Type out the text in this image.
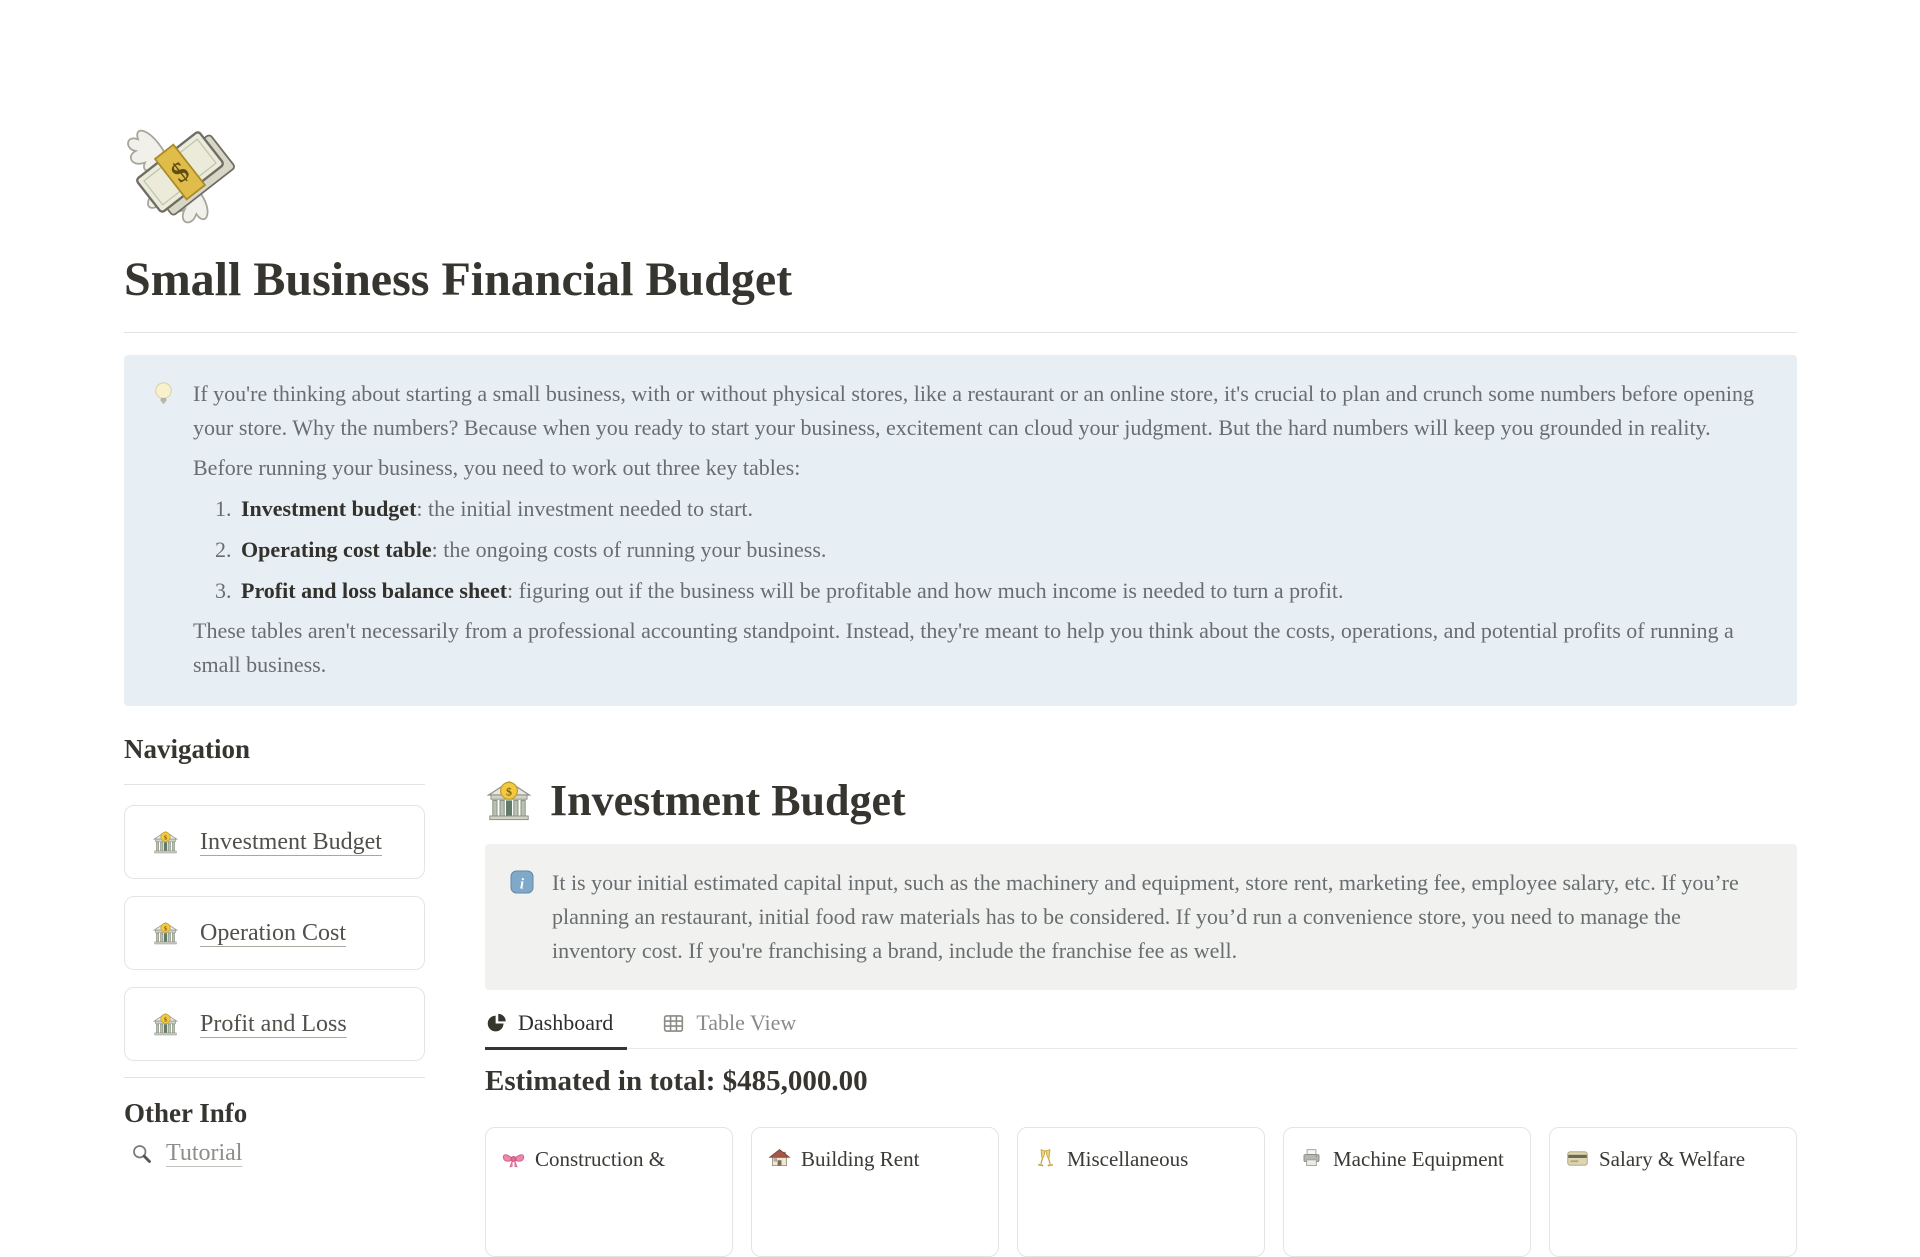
$
Small Business Financial Budget

If you're thinking about starting a small business, with or without physical stores, like a restaurant or an online store, it's crucial to plan and crunch some numbers before opening your store. Why the numbers? Because when you ready to start your business, excitement can cloud your judgment. But the hard numbers will keep you grounded in reality.

Before running your business, you need to work out three key tables:

1. Investment budget: the initial investment needed to start.
2. Operating cost table: the ongoing costs of running your business.
3. Profit and loss balance sheet: figuring out if the business will be profitable and how much income is needed to turn a profit.

These tables aren't necessarily from a professional accounting standpoint. Instead, they're meant to help you think about the costs, operations, and potential profits of running a small business.

Navigation
$ Investment Budget
$ Operation Cost
$ Profit and Loss
Other Info
Tutorial
$ Investment Budget
i It is your initial estimated capital input, such as the machinery and equipment, store rent, marketing fee, employee salary, etc. If you’re planning an restaurant, initial food raw materials has to be considered. If you’d run a convenience store, you need to manage the inventory cost. If you're franchising a brand, include the franchise fee as well.
Dashboard	Table View
Estimated in total: $485,000.00
Construction &	Building Rent	Miscellaneous	Machine Equipment	Salary & Welfare
